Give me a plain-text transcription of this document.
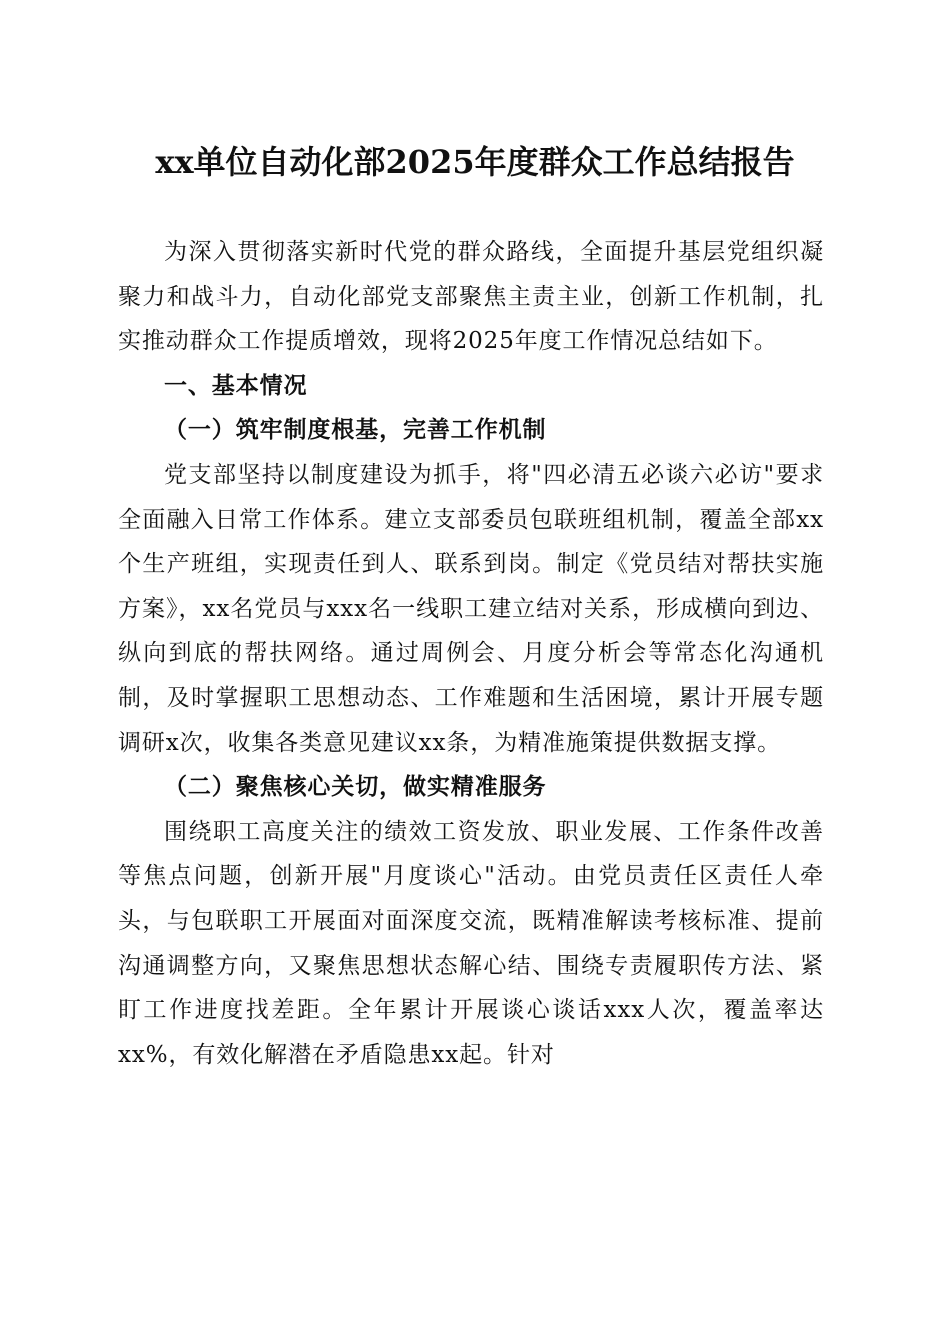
xx单位自动化部2025年度群众工作总结报告

为深入贯彻落实新时代党的群众路线，全面提升基层党组织凝聚力和战斗力，自动化部党支部聚焦主责主业，创新工作机制，扎实推动群众工作提质增效，现将2025年度工作情况总结如下。

一、基本情况

（一）筑牢制度根基，完善工作机制

党支部坚持以制度建设为抓手，将"四必清五必谈六必访"要求全面融入日常工作体系。建立支部委员包联班组机制，覆盖全部xx个生产班组，实现责任到人、联系到岗。制定《党员结对帮扶实施方案》，xx名党员与xxx名一线职工建立结对关系，形成横向到边、纵向到底的帮扶网络。通过周例会、月度分析会等常态化沟通机制，及时掌握职工思想动态、工作难题和生活困境，累计开展专题调研x次，收集各类意见建议xx条，为精准施策提供数据支撑。

（二）聚焦核心关切，做实精准服务

围绕职工高度关注的绩效工资发放、职业发展、工作条件改善等焦点问题，创新开展"月度谈心"活动。由党员责任区责任人牵头，与包联职工开展面对面深度交流，既精准解读考核标准、提前沟通调整方向，又聚焦思想状态解心结、围绕专责履职传方法、紧盯工作进度找差距。全年累计开展谈心谈话xxx人次，覆盖率达xx%，有效化解潜在矛盾隐患xx起。针对
